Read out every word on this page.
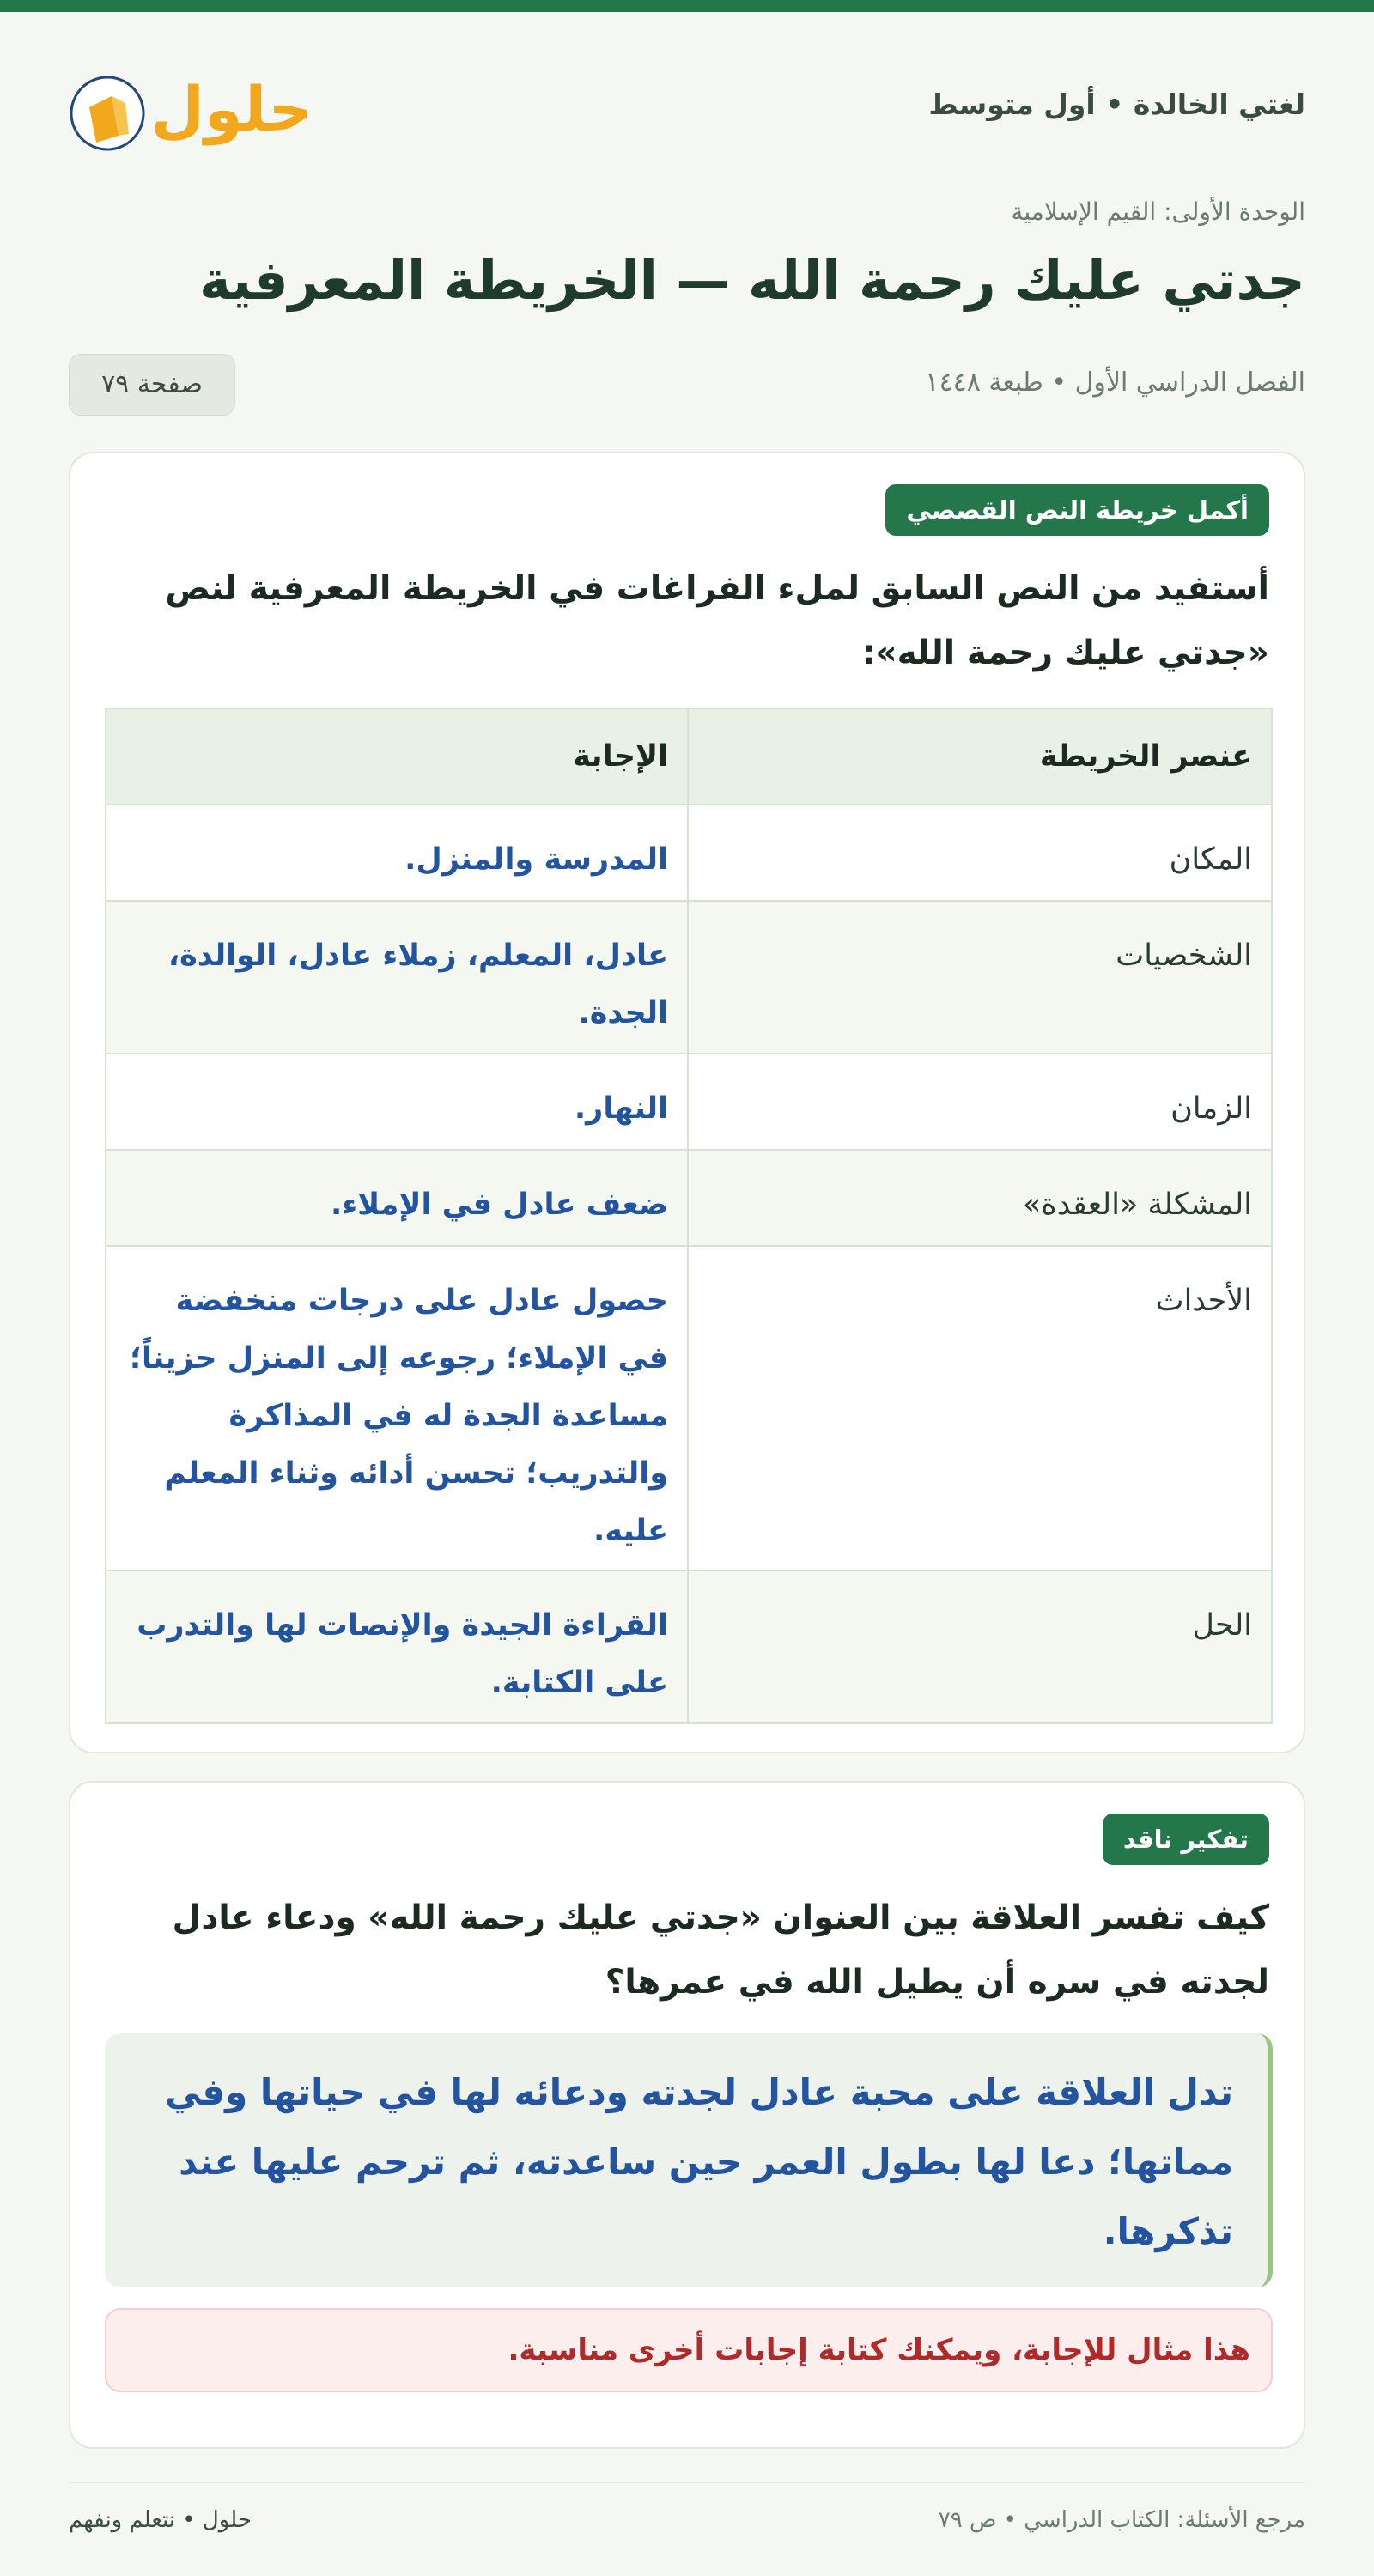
لغتي الخالدة • أول متوسط
حلول
الوحدة الأولى: القيم الإسلامية
جدتي عليك رحمة الله — الخريطة المعرفية
الفصل الدراسي الأول • طبعة ١٤٤٨
صفحة ٧٩
أكمل خريطة النص القصصي
أستفيد من النص السابق لملء الفراغات في الخريطة المعرفية لنص
«جدتي عليك رحمة الله»:
عنصر الخريطة	الإجابة
المكان	المدرسة والمنزل.
الشخصيات	عادل، المعلم، زملاء عادل، الوالدة، الجدة.
الزمان	النهار.
المشكلة «العقدة»	ضعف عادل في الإملاء.
الأحداث	حصول عادل على درجات منخفضة في الإملاء؛ رجوعه إلى المنزل حزيناً؛ مساعدة الجدة له في المذاكرة والتدريب؛ تحسن أدائه وثناء المعلم عليه.
الحل	القراءة الجيدة والإنصات لها والتدرب على الكتابة.
تفكير ناقد
كيف تفسر العلاقة بين العنوان «جدتي عليك رحمة الله» ودعاء عادل
لجدته في سره أن يطيل الله في عمرها؟
تدل العلاقة على محبة عادل لجدته ودعائه لها في حياتها وفي مماتها؛ دعا لها بطول العمر حين ساعدته، ثم ترحم عليها عند تذكرها.
هذا مثال للإجابة، ويمكنك كتابة إجابات أخرى مناسبة.
مرجع الأسئلة: الكتاب الدراسي • ص ٧٩
حلول • نتعلم ونفهم
